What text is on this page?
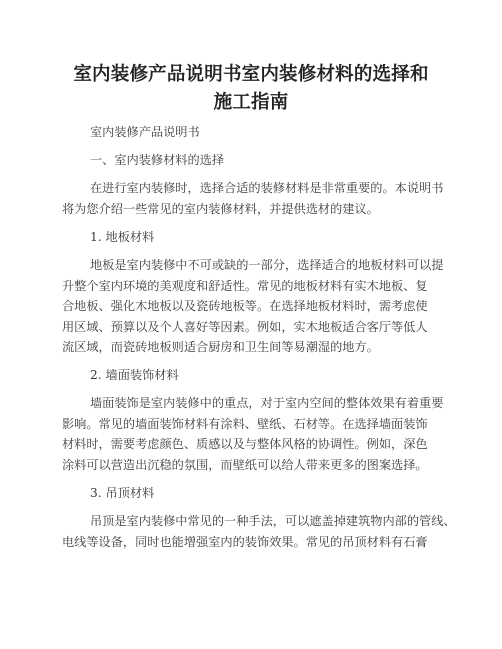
室内装修产品说明书室内装修材料的选择和
施工指南
室内装修产品说明书
一、室内装修材料的选择
在进行室内装修时，选择合适的装修材料是非常重要的。本说明书
将为您介绍一些常见的室内装修材料，并提供选材的建议。
1. 地板材料
地板是室内装修中不可或缺的一部分，选择适合的地板材料可以提
升整个室内环境的美观度和舒适性。常见的地板材料有实木地板、复
合地板、强化木地板以及瓷砖地板等。在选择地板材料时，需考虑使
用区域、预算以及个人喜好等因素。例如，实木地板适合客厅等低人
流区域，而瓷砖地板则适合厨房和卫生间等易潮湿的地方。
2. 墙面装饰材料
墙面装饰是室内装修中的重点，对于室内空间的整体效果有着重要
影响。常见的墙面装饰材料有涂料、壁纸、石材等。在选择墙面装饰
材料时，需要考虑颜色、质感以及与整体风格的协调性。例如，深色
涂料可以营造出沉稳的氛围，而壁纸可以给人带来更多的图案选择。
3. 吊顶材料
吊顶是室内装修中常见的一种手法，可以遮盖掉建筑物内部的管线、
电线等设备，同时也能增强室内的装饰效果。常见的吊顶材料有石膏
